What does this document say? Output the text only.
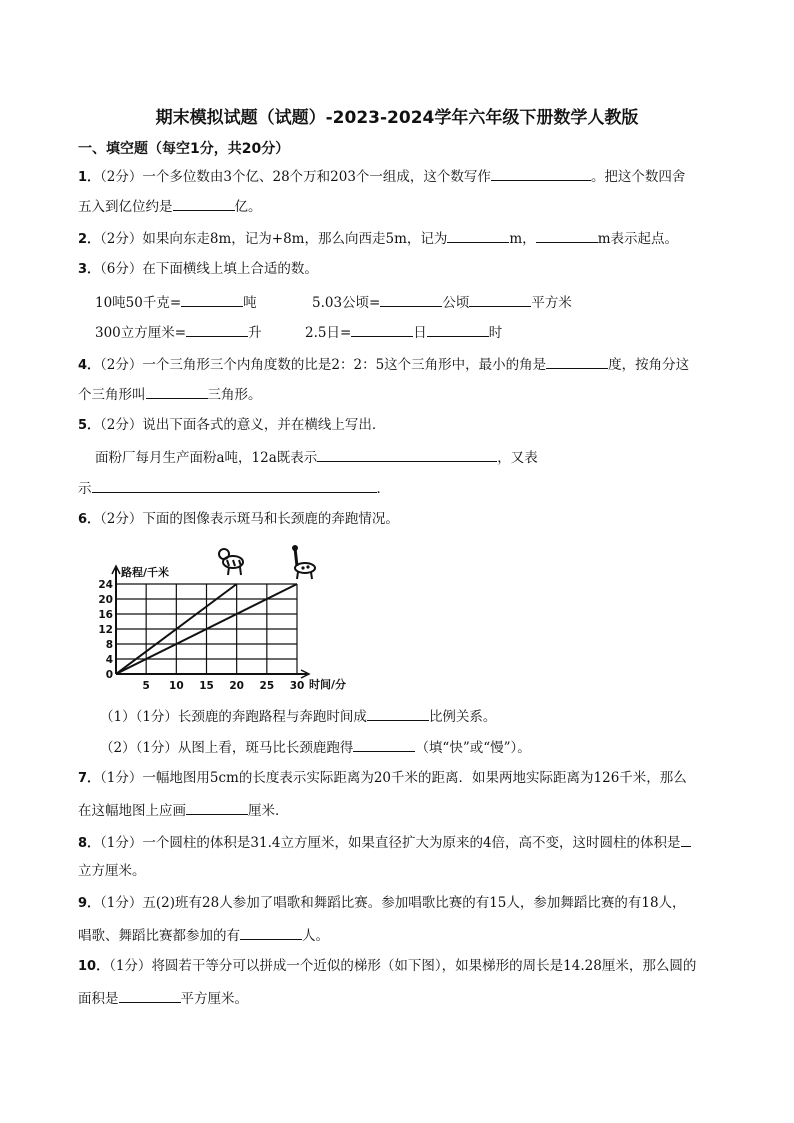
期末模拟试题（试题）-2023-2024学年六年级下册数学人教版
一、填空题（每空1分，共20分）
1．（2分）一个多位数由3个亿、28个万和203个一组成，这个数写作	。把这个数四舍
五入到亿位约是	亿。
2．（2分）如果向东走8m，记为+8m，那么向西走5m，记为	m，	m表示起点。
3．（6分）在下面横线上填上合适的数。
10吨50千克=	吨	5.03公顷=	公顷	平方米
300立方厘米=	升	2.5日=	日	时
4．（2分）一个三角形三个内角度数的比是2：2：5这个三角形中，最小的角是	度，按角分这
个三角形叫	三角形。
5．（2分）说出下面各式的意义，并在横线上写出．
面粉厂每月生产面粉a吨，12a既表示	，又表
示	．
6．（2分）下面的图像表示斑马和长颈鹿的奔跑情况。
0
4
8
12
16
20
24
5 10 15 20 25 30
路程/千米
时间/分
（1）（1分）长颈鹿的奔跑路程与奔跑时间成	比例关系。
（2）（1分）从图上看，斑马比长颈鹿跑得	（填“快”或“慢”）。
7．（1分）一幅地图用5cm的长度表示实际距离为20千米的距离．如果两地实际距离为126千米，那么
在这幅地图上应画	厘米．
8．（1分）一个圆柱的体积是31.4立方厘米，如果直径扩大为原来的4倍，高不变，这时圆柱的体积是
立方厘米。
9．（1分）五(2)班有28人参加了唱歌和舞蹈比赛。参加唱歌比赛的有15人，参加舞蹈比赛的有18人，
唱歌、舞蹈比赛都参加的有	人。
10．（1分）将圆若干等分可以拼成一个近似的梯形（如下图），如果梯形的周长是14.28厘米，那么圆的
面积是	平方厘米。
